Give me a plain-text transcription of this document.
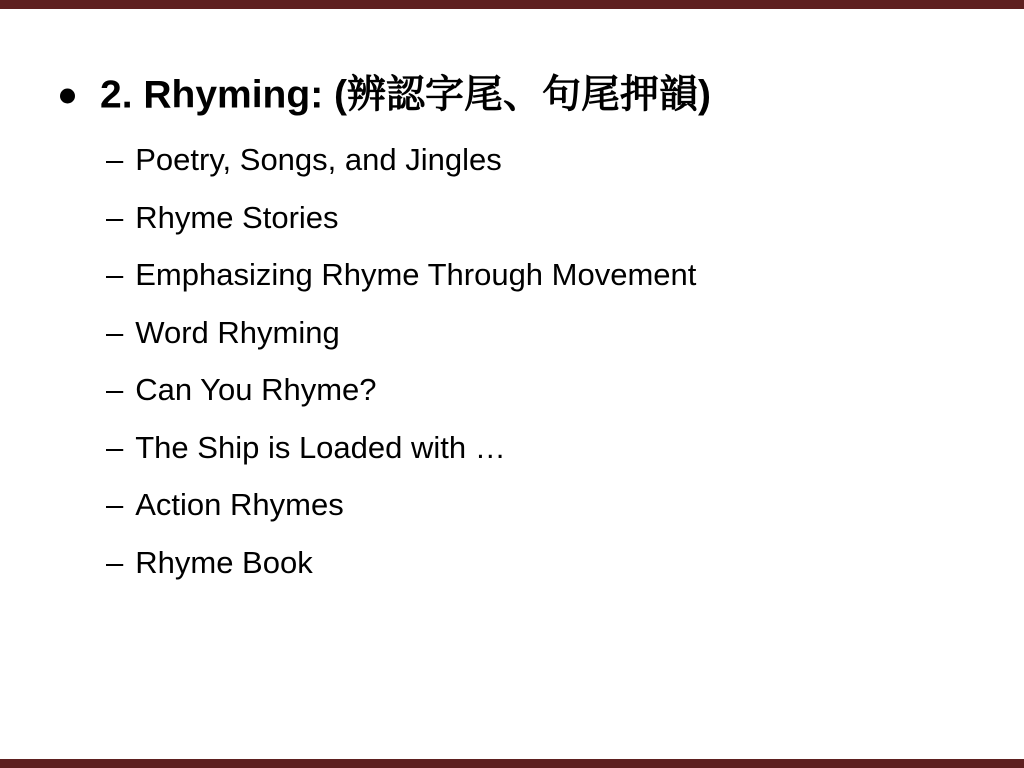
2. Rhyming: (辨認字尾、句尾押韻)
– Poetry, Songs, and Jingles
– Rhyme Stories
– Emphasizing Rhyme Through Movement
– Word Rhyming
– Can You Rhyme?
– The Ship is Loaded with …
– Action Rhymes
– Rhyme Book
